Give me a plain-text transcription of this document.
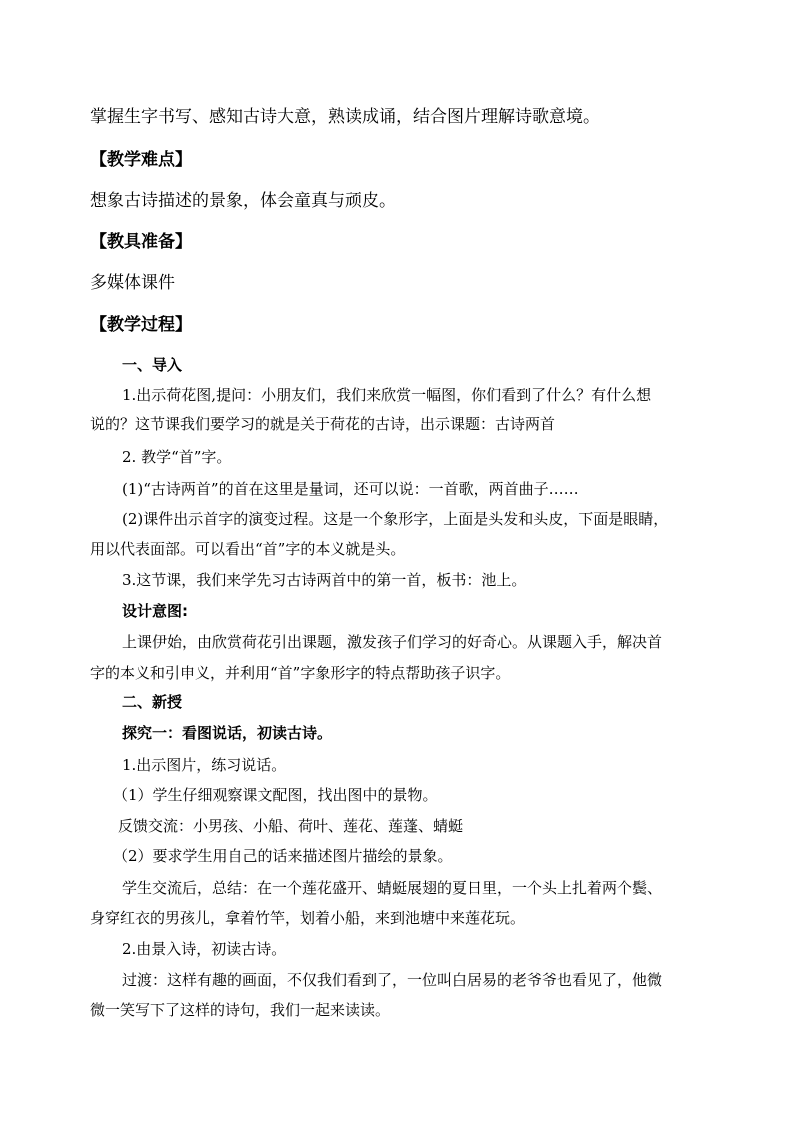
掌握生字书写、感知古诗大意，熟读成诵，结合图片理解诗歌意境。
【教学难点】
想象古诗描述的景象，体会童真与顽皮。
【教具准备】
多媒体课件
【教学过程】
一、导入
1.出示荷花图,提问：小朋友们，我们来欣赏一幅图，你们看到了什么？有什么想
说的？这节课我们要学习的就是关于荷花的古诗，出示课题：古诗两首
2. 教学“首”字。
(1)“古诗两首”的首在这里是量词，还可以说：一首歌，两首曲子……
(2)课件出示首字的演变过程。这是一个象形字，上面是头发和头皮，下面是眼睛，
用以代表面部。可以看出“首”字的本义就是头。
3.这节课，我们来学先习古诗两首中的第一首，板书：池上。
设计意图:
上课伊始，由欣赏荷花引出课题，激发孩子们学习的好奇心。从课题入手，解决首
字的本义和引申义，并利用“首”字象形字的特点帮助孩子识字。
二、新授
探究一：看图说话，初读古诗。
1.出示图片，练习说话。
（1）学生仔细观察课文配图，找出图中的景物。
反馈交流：小男孩、小船、荷叶、莲花、莲蓬、蜻蜓
（2）要求学生用自己的话来描述图片描绘的景象。
学生交流后，总结：在一个莲花盛开、蜻蜓展翅的夏日里，一个头上扎着两个鬓、
身穿红衣的男孩儿，拿着竹竿，划着小船，来到池塘中来莲花玩。
2.由景入诗，初读古诗。
过渡：这样有趣的画面，不仅我们看到了，一位叫白居易的老爷爷也看见了，他微
微一笑写下了这样的诗句，我们一起来读读。
